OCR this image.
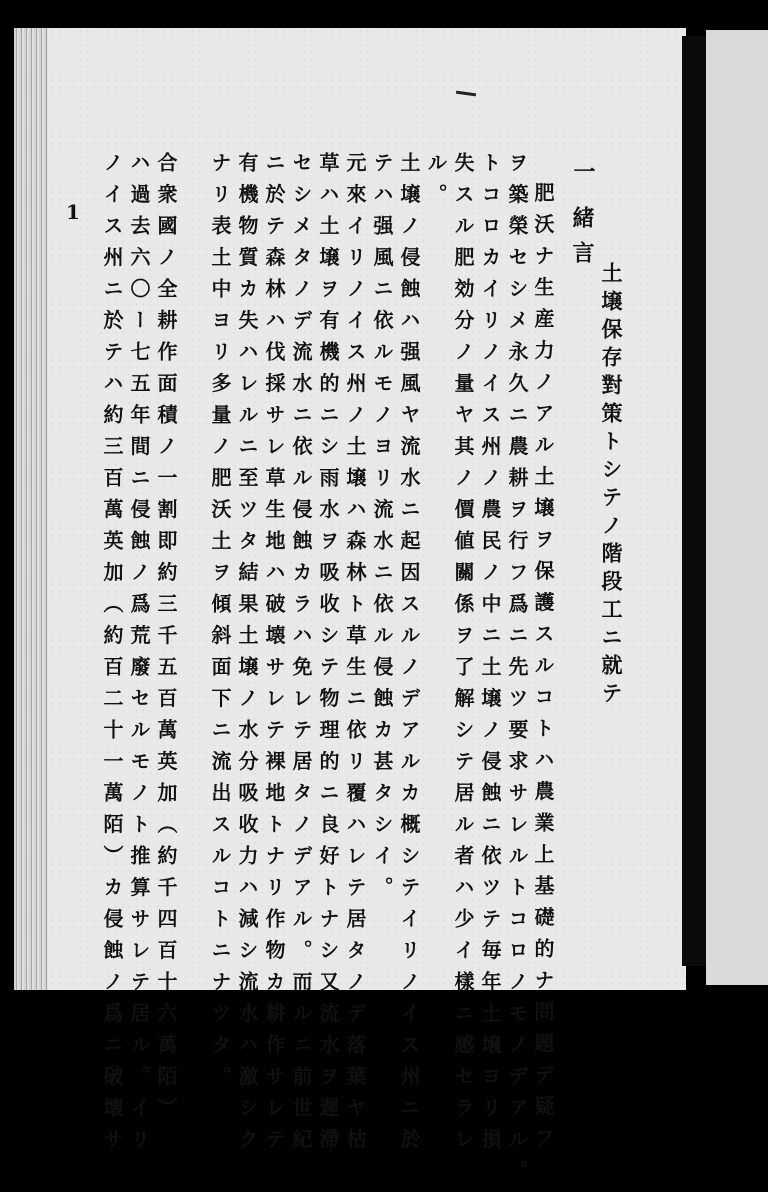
土壌保存對策トシテノ階段工ニ就テ
一
緒言
肥沃ナ生産力ノアル土壌ヲ保護スルコトハ農業上基礎的ナ問題デ疑フ
ヲ築榮セシメ永久ニ農耕ヲ行フ爲ニ先ツ要求サレルトコロノモノデアル。
トコロカイリノイス州ノ農民ノ中ニ土壌ノ侵蝕ニ依ツテ毎年土壌ヨリ損
失スル肥効分ノ量ヤ其ノ價値關係ヲ了解シテ居ル者ハ少イ樣ニ感セラレ
ル。
土壌ノ侵蝕ハ强風ヤ流水ニ起因スルノデアルカ概シテイリノイス州ニ於
テハ强風ニ依ルモノヨリ流水ニ依ル侵蝕カ甚タシイ。
元來イリノイス州ノ土壌ハ森林ト草生ニ依リ覆ハレテ居タノデ落葉ヤ枯
草ハ土壌ヲ有機的ニシ雨水ヲ吸收シテ物理的ニ良好トナシ又流水ヲ遲滯
セシメタノデ流水ニ依ル侵蝕カラハ免レテ居タノデアル。而ルニ前世紀
ニ於テ森林ハ伐採サレ草生地ハ破壊サレテ裸地トナリ作物カ耕作サレテ
有機物質カ失ハレルニ至ツタ結果土壌ノ水分吸收力ハ減シ流水ハ激シク
ナリ表土中ヨリ多量ノ肥沃土ヲ傾斜面下ニ流出スルコトニナツタ。
合衆國ノ全耕作面積ノ一割即約三千五百萬英加（約千四百十六萬陌）
ハ過去六〇ー七五年間ニ侵蝕ノ爲荒廢セルモノト推算サレテ居ル。イリ
ノイス州ニ於テハ約三百萬英加（約百二十一萬陌）カ侵蝕ノ爲ニ破壊サ
1
